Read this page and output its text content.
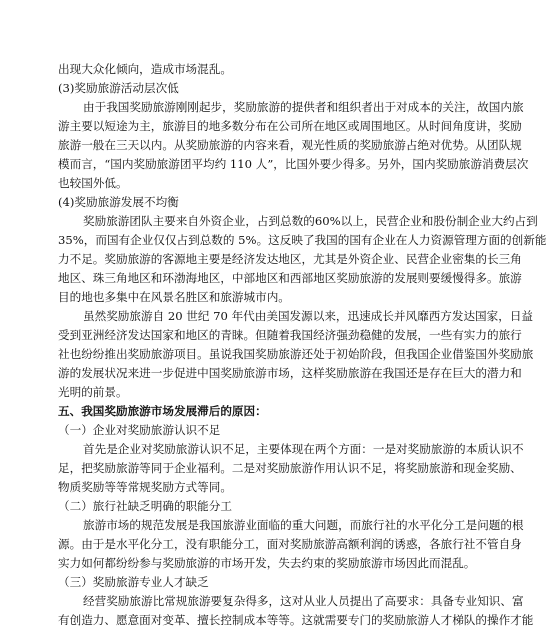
出现大众化倾向，造成市场混乱。
(3)奖励旅游活动层次低
由于我国奖励旅游刚刚起步，奖励旅游的提供者和组织者出于对成本的关注，故国内旅
游主要以短途为主，旅游目的地多数分布在公司所在地区或周围地区。从时间角度讲，奖励
旅游一般在三天以内。从奖励旅游的内容来看，观光性质的奖励旅游占绝对优势。从团队规
模而言，“国内奖励旅游团平均约 110 人”，比国外要少得多。另外，国内奖励旅游消费层次
也较国外低。
(4)奖励旅游发展不均衡
奖励旅游团队主要来自外资企业，占到总数的60%以上，民营企业和股份制企业大约占到
35%，而国有企业仅仅占到总数的 5%。这反映了我国的国有企业在人力资源管理方面的创新能
力不足。奖励旅游的客源地主要是经济发达地区，尤其是外资企业、民营企业密集的长三角
地区、珠三角地区和环渤海地区，中部地区和西部地区奖励旅游的发展则要缓慢得多。旅游
目的地也多集中在风景名胜区和旅游城市内。
虽然奖励旅游自 20 世纪 70 年代由美国发源以来，迅速成长并风靡西方发达国家，日益
受到亚洲经济发达国家和地区的青睐。但随着我国经济强劲稳健的发展，一些有实力的旅行
社也纷纷推出奖励旅游项目。虽说我国奖励旅游还处于初始阶段，但我国企业借鉴国外奖励旅
游的发展状况来进一步促进中国奖励旅游市场，这样奖励旅游在我国还是存在巨大的潜力和
光明的前景。
五、我国奖励旅游市场发展滞后的原因：
（一）企业对奖励旅游认识不足
首先是企业对奖励旅游认识不足，主要体现在两个方面：一是对奖励旅游的本质认识不
足，把奖励旅游等同于企业福利。二是对奖励旅游作用认识不足，将奖励旅游和现金奖励、
物质奖励等等常规奖励方式等同。
（二）旅行社缺乏明确的职能分工
旅游市场的规范发展是我国旅游业面临的重大问题，而旅行社的水平化分工是问题的根
源。由于是水平化分工，没有职能分工，面对奖励旅游高额利润的诱惑，各旅行社不管自身
实力如何都纷纷参与奖励旅游的市场开发，失去约束的奖励旅游市场因此而混乱。
（三）奖励旅游专业人才缺乏
经营奖励旅游比常规旅游要复杂得多，这对从业人员提出了高要求：具备专业知识、富
有创造力、愿意面对变革、擅长控制成本等等。这就需要专门的奖励旅游人才梯队的操作才能
